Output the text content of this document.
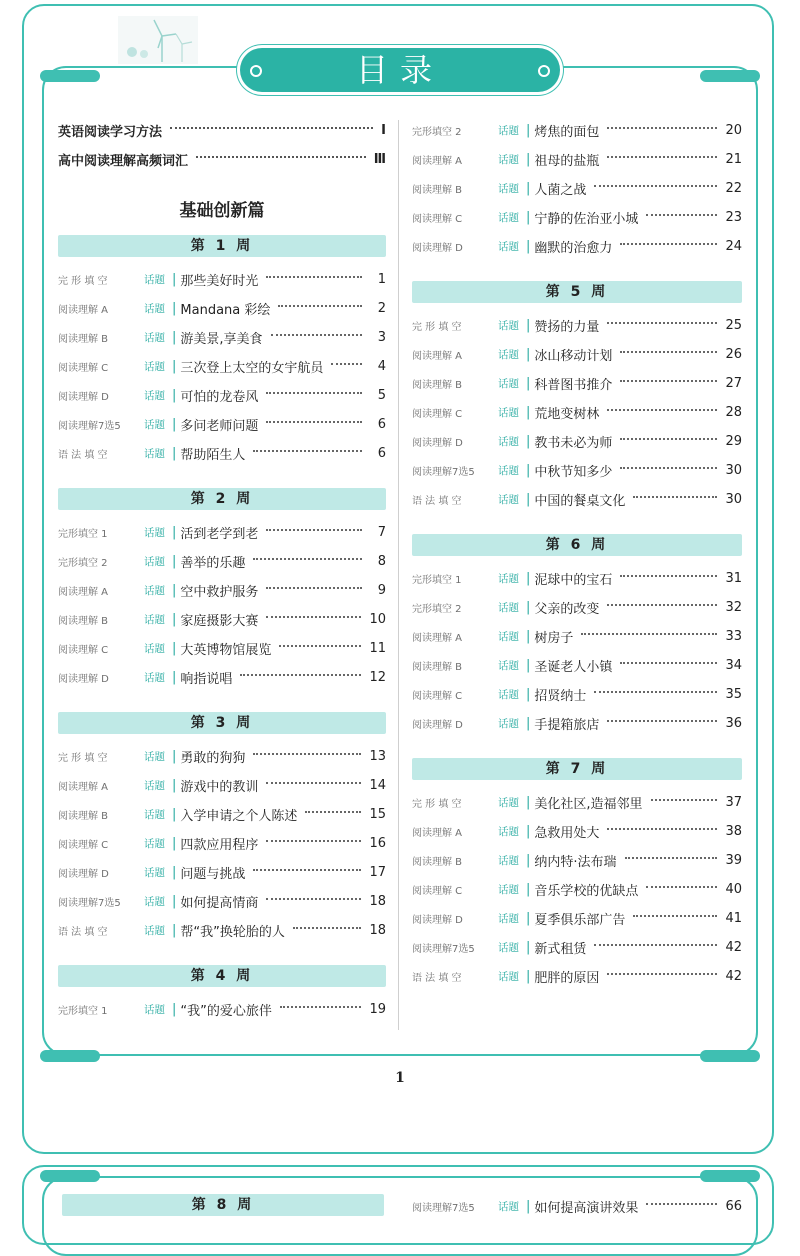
目录
英语阅读学习方法	Ⅰ
高中阅读理解高频词汇	Ⅲ
基础创新篇
第 1 周
完 形 填 空	话题 | 那些美好时光	1
阅读理解 A	话题 | Mandana 彩绘	2
阅读理解 B	话题 | 游美景,享美食	3
阅读理解 C	话题 | 三次登上太空的女宇航员	4
阅读理解 D	话题 | 可怕的龙卷风	5
阅读理解7选5	话题 | 多问老师问题	6
语 法 填 空	话题 | 帮助陌生人	6
第 2 周
完形填空 1	话题 | 活到老学到老	7
完形填空 2	话题 | 善举的乐趣	8
阅读理解 A	话题 | 空中救护服务	9
阅读理解 B	话题 | 家庭摄影大赛	10
阅读理解 C	话题 | 大英博物馆展览	11
阅读理解 D	话题 | 响指说唱	12
第 3 周
完 形 填 空	话题 | 勇敢的狗狗	13
阅读理解 A	话题 | 游戏中的教训	14
阅读理解 B	话题 | 入学申请之个人陈述	15
阅读理解 C	话题 | 四款应用程序	16
阅读理解 D	话题 | 问题与挑战	17
阅读理解7选5	话题 | 如何提高情商	18
语 法 填 空	话题 | 帮“我”换轮胎的人	18
第 4 周
完形填空 1	话题 | “我”的爱心旅伴	19
完形填空 2	话题 | 烤焦的面包	20
阅读理解 A	话题 | 祖母的盐瓶	21
阅读理解 B	话题 | 人菌之战	22
阅读理解 C	话题 | 宁静的佐治亚小城	23
阅读理解 D	话题 | 幽默的治愈力	24
第 5 周
完 形 填 空	话题 | 赞扬的力量	25
阅读理解 A	话题 | 冰山移动计划	26
阅读理解 B	话题 | 科普图书推介	27
阅读理解 C	话题 | 荒地变树林	28
阅读理解 D	话题 | 教书未必为师	29
阅读理解7选5	话题 | 中秋节知多少	30
语 法 填 空	话题 | 中国的餐桌文化	30
第 6 周
完形填空 1	话题 | 泥球中的宝石	31
完形填空 2	话题 | 父亲的改变	32
阅读理解 A	话题 | 树房子	33
阅读理解 B	话题 | 圣诞老人小镇	34
阅读理解 C	话题 | 招贤纳士	35
阅读理解 D	话题 | 手提箱旅店	36
第 7 周
完 形 填 空	话题 | 美化社区,造福邻里	37
阅读理解 A	话题 | 急救用处大	38
阅读理解 B	话题 | 纳内特·法布瑞	39
阅读理解 C	话题 | 音乐学校的优缺点	40
阅读理解 D	话题 | 夏季俱乐部广告	41
阅读理解7选5	话题 | 新式租赁	42
语 法 填 空	话题 | 肥胖的原因	42
1
第 8 周	阅读理解7选5	话题 | 如何提高演讲效果	66
